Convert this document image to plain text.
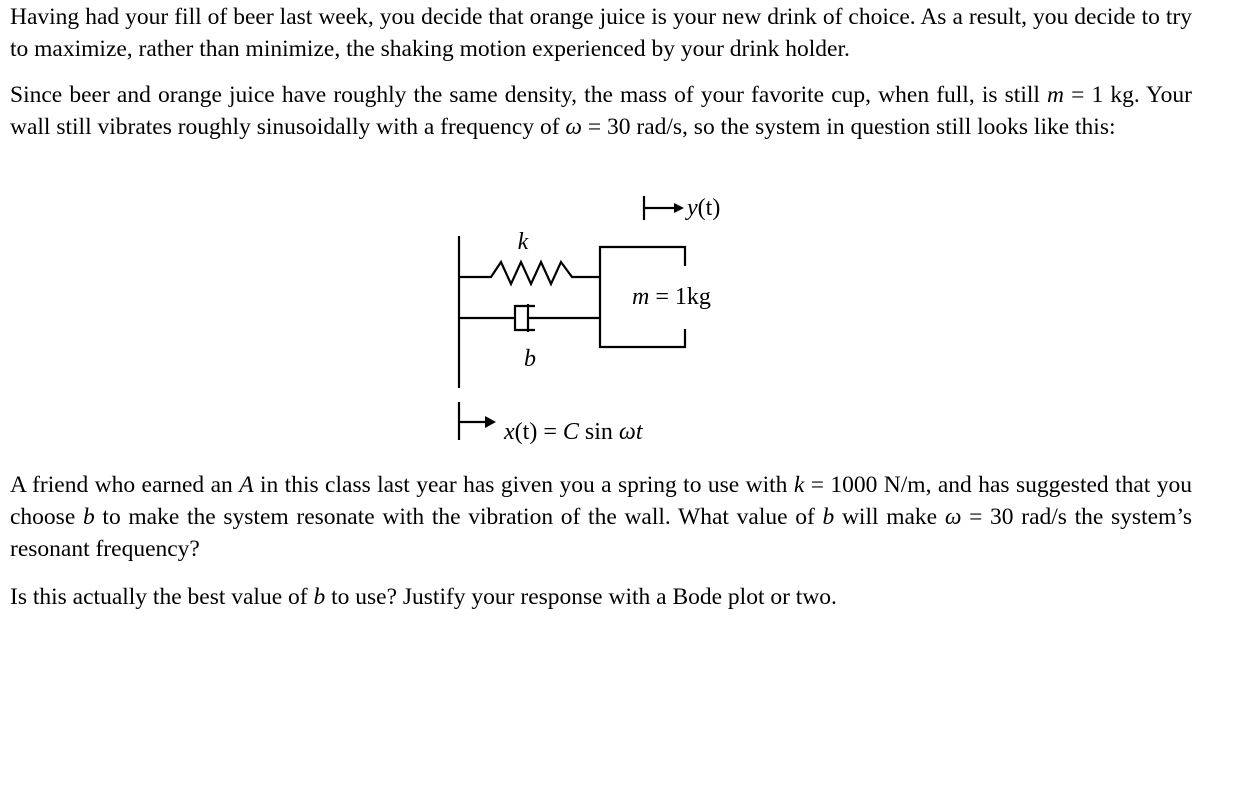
Having had your fill of beer last week, you decide that orange juice is your new drink of choice. As a result, you decide to try to maximize, rather than minimize, the shaking motion experienced by your drink holder.

Since beer and orange juice have roughly the same density, the mass of your favorite cup, when full, is still m = 1 kg. Your wall still vibrates roughly sinusoidally with a frequency of ω = 30 rad/s, so the system in question still looks like this:

A friend who earned an A in this class last year has given you a spring to use with k = 1000 N/m, and has suggested that you choose b to make the system resonate with the vibration of the wall. What value of b will make ω = 30 rad/s the system’s resonant frequency?

Is this actually the best value of b to use? Justify your response with a Bode plot or two.

k
b
m = 1kg
y(t)
x(t) = C sin ωt
